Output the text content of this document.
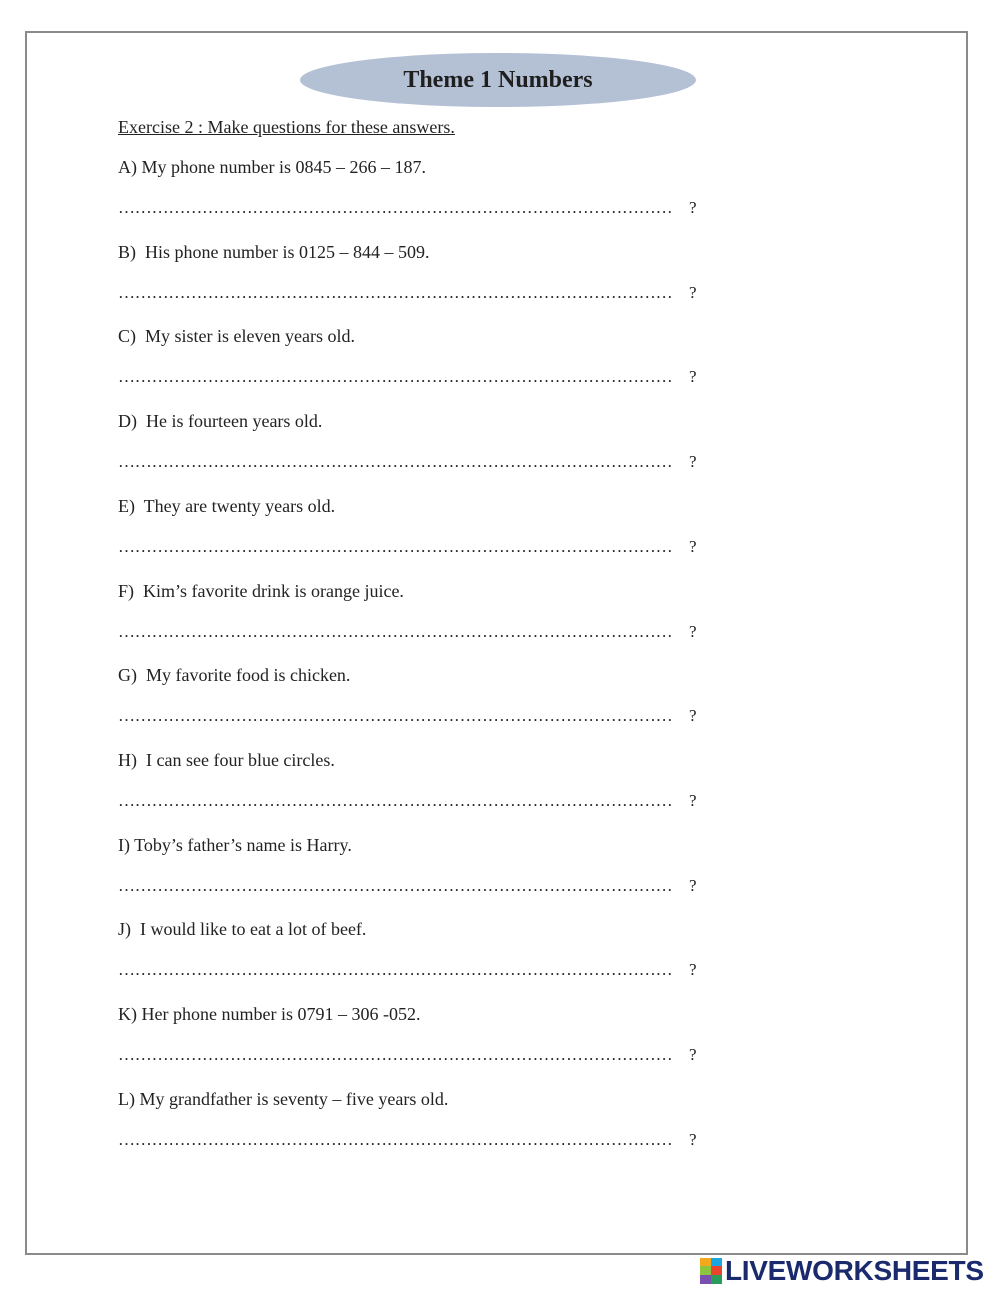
Theme 1 Numbers
Exercise 2 : Make questions for these answers.
A) My phone number is 0845 – 266 – 187.
……………………………………………………………………………………… ?
B)  His phone number is 0125 – 844 – 509.
……………………………………………………………………………………… ?
C)  My sister is eleven years old.
……………………………………………………………………………………… ?
D)  He is fourteen years old.
……………………………………………………………………………………… ?
E)  They are twenty years old.
……………………………………………………………………………………… ?
F)  Kim’s favorite drink is orange juice.
……………………………………………………………………………………… ?
G)  My favorite food is chicken.
……………………………………………………………………………………… ?
H)  I can see four blue circles.
……………………………………………………………………………………… ?
I) Toby’s father’s name is Harry.
……………………………………………………………………………………… ?
J)  I would like to eat a lot of beef.
……………………………………………………………………………………… ?
K) Her phone number is 0791 – 306 -052.
……………………………………………………………………………………… ?
L) My grandfather is seventy – five years old.
……………………………………………………………………………………… ?
LIVEWORKSHEETS
